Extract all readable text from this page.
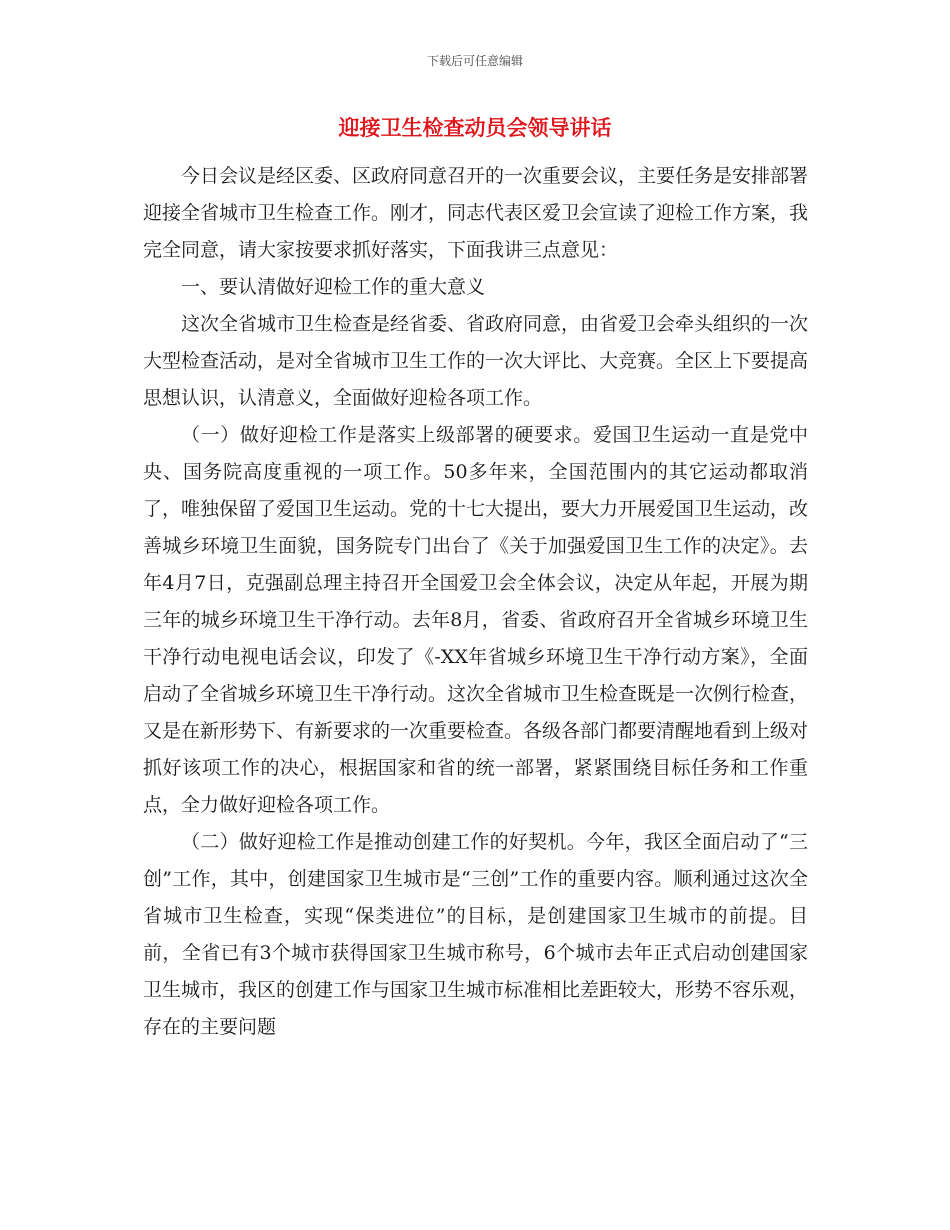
下载后可任意编辑
迎接卫生检查动员会领导讲话

今日会议是经区委、区政府同意召开的一次重要会议，主要任务是安排部署迎接全省城市卫生检查工作。刚才，同志代表区爱卫会宣读了迎检工作方案，我完全同意，请大家按要求抓好落实，下面我讲三点意见：

一、要认清做好迎检工作的重大意义

这次全省城市卫生检查是经省委、省政府同意，由省爱卫会牵头组织的一次大型检查活动，是对全省城市卫生工作的一次大评比、大竞赛。全区上下要提高思想认识，认清意义，全面做好迎检各项工作。

（一）做好迎检工作是落实上级部署的硬要求。爱国卫生运动一直是党中央、国务院高度重视的一项工作。50多年来，全国范围内的其它运动都取消了，唯独保留了爱国卫生运动。党的十七大提出，要大力开展爱国卫生运动，改善城乡环境卫生面貌，国务院专门出台了《关于加强爱国卫生工作的决定》。去年4月7日，克强副总理主持召开全国爱卫会全体会议，决定从年起，开展为期三年的城乡环境卫生干净行动。去年8月，省委、省政府召开全省城乡环境卫生干净行动电视电话会议，印发了《-XX年省城乡环境卫生干净行动方案》，全面启动了全省城乡环境卫生干净行动。这次全省城市卫生检查既是一次例行检查，又是在新形势下、有新要求的一次重要检查。各级各部门都要清醒地看到上级对抓好该项工作的决心，根据国家和省的统一部署，紧紧围绕目标任务和工作重点，全力做好迎检各项工作。

（二）做好迎检工作是推动创建工作的好契机。今年，我区全面启动了“三创”工作，其中，创建国家卫生城市是“三创”工作的重要内容。顺利通过这次全省城市卫生检查，实现“保类进位”的目标，是创建国家卫生城市的前提。目前，全省已有3个城市获得国家卫生城市称号，6个城市去年正式启动创建国家卫生城市，我区的创建工作与国家卫生城市标准相比差距较大，形势不容乐观，存在的主要问题
